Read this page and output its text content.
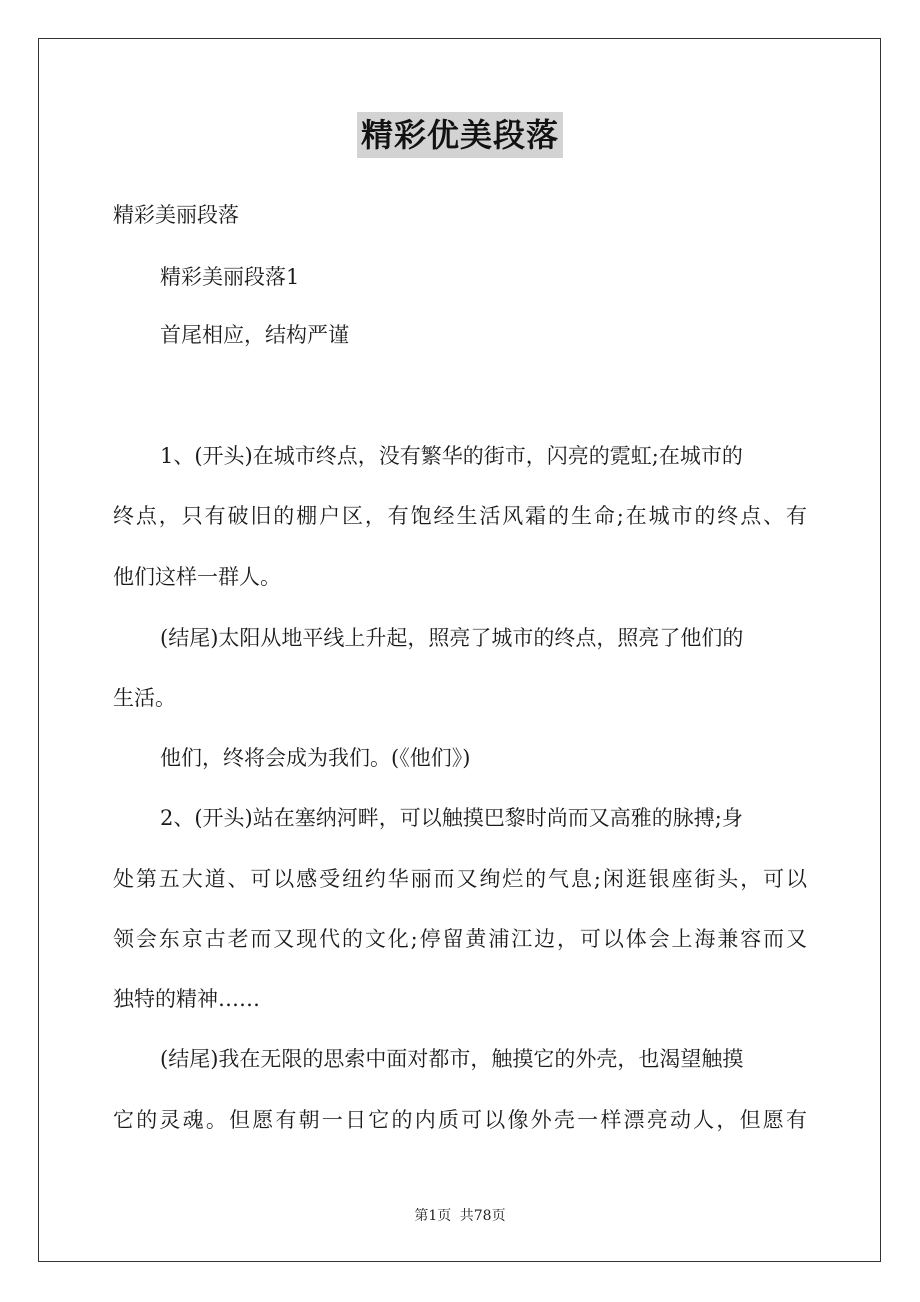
精彩优美段落
精彩美丽段落
精彩美丽段落1
首尾相应，结构严谨
1、(开头)在城市终点，没有繁华的街市，闪亮的霓虹;在城市的
终点，只有破旧的棚户区，有饱经生活风霜的生命;在城市的终点、有
他们这样一群人。
(结尾)太阳从地平线上升起，照亮了城市的终点，照亮了他们的
生活。
他们，终将会成为我们。(《他们》)
2、(开头)站在塞纳河畔，可以触摸巴黎时尚而又高雅的脉搏;身
处第五大道、可以感受纽约华丽而又绚烂的气息;闲逛银座街头，可以
领会东京古老而又现代的文化;停留黄浦江边，可以体会上海兼容而又
独特的精神……
(结尾)我在无限的思索中面对都市，触摸它的外壳，也渴望触摸
它的灵魂。但愿有朝一日它的内质可以像外壳一样漂亮动人，但愿有
第1页 共78页
